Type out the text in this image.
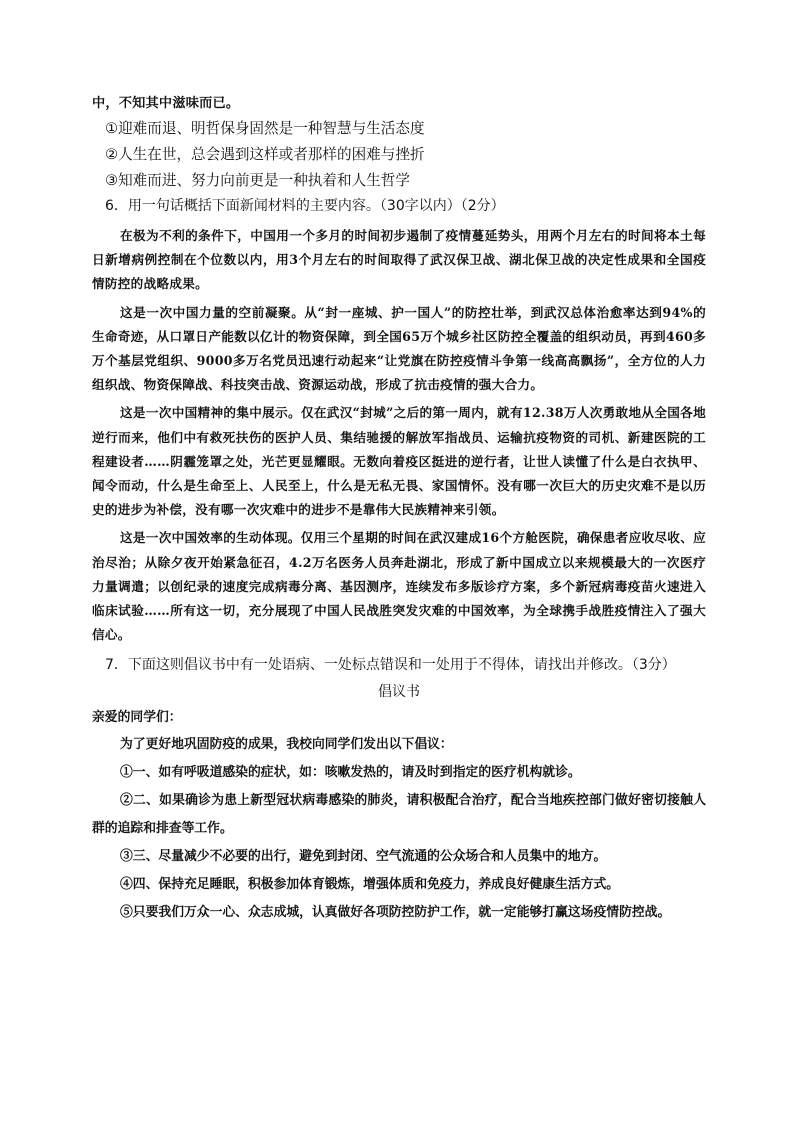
中，不知其中滋味而已。

①迎难而退、明哲保身固然是一种智慧与生活态度

②人生在世，总会遇到这样或者那样的困难与挫折

③知难而进、努力向前更是一种执着和人生哲学

6．用一句话概括下面新闻材料的主要内容。（30字以内）（2分）

在极为不利的条件下，中国用一个多月的时间初步遏制了疫情蔓延势头，用两个月左右的时间将本土每日新增病例控制在个位数以内，用3个月左右的时间取得了武汉保卫战、湖北保卫战的决定性成果和全国疫情防控的战略成果。

这是一次中国力量的空前凝聚。从“封一座城、护一国人”的防控壮举，到武汉总体治愈率达到94%的生命奇迹，从口罩日产能数以亿计的物资保障，到全国65万个城乡社区防控全覆盖的组织动员，再到460多万个基层党组织、9000多万名党员迅速行动起来“让党旗在防控疫情斗争第一线高高飘扬”，全方位的人力组织战、物资保障战、科技突击战、资源运动战，形成了抗击疫情的强大合力。

这是一次中国精神的集中展示。仅在武汉“封城”之后的第一周内，就有12.38万人次勇敢地从全国各地逆行而来，他们中有救死扶伤的医护人员、集结驰援的解放军指战员、运输抗疫物资的司机、新建医院的工程建设者……阴霾笼罩之处，光芒更显耀眼。无数向着疫区挺进的逆行者，让世人读懂了什么是白衣执甲、闻令而动，什么是生命至上、人民至上，什么是无私无畏、家国情怀。没有哪一次巨大的历史灾难不是以历史的进步为补偿，没有哪一次灾难中的进步不是靠伟大民族精神来引领。

这是一次中国效率的生动体现。仅用三个星期的时间在武汉建成16个方舱医院，确保患者应收尽收、应治尽治；从除夕夜开始紧急征召，4.2万名医务人员奔赴湖北，形成了新中国成立以来规模最大的一次医疗力量调遣；以创纪录的速度完成病毒分离、基因测序，连续发布多版诊疗方案，多个新冠病毒疫苗火速进入临床试验……所有这一切，充分展现了中国人民战胜突发灾难的中国效率，为全球携手战胜疫情注入了强大信心。

7．下面这则倡议书中有一处语病、一处标点错误和一处用于不得体，请找出并修改。（3分）

倡议书

亲爱的同学们：

为了更好地巩固防疫的成果，我校向同学们发出以下倡议：

①一、如有呼吸道感染的症状，如：咳嗽发热的，请及时到指定的医疗机构就诊。

②二、如果确诊为患上新型冠状病毒感染的肺炎，请积极配合治疗，配合当地疾控部门做好密切接触人群的追踪和排查等工作。

③三、尽量减少不必要的出行，避免到封闭、空气流通的公众场合和人员集中的地方。

④四、保持充足睡眠，积极参加体育锻炼，增强体质和免疫力，养成良好健康生活方式。

⑤只要我们万众一心、众志成城，认真做好各项防控防护工作，就一定能够打赢这场疫情防控战。
